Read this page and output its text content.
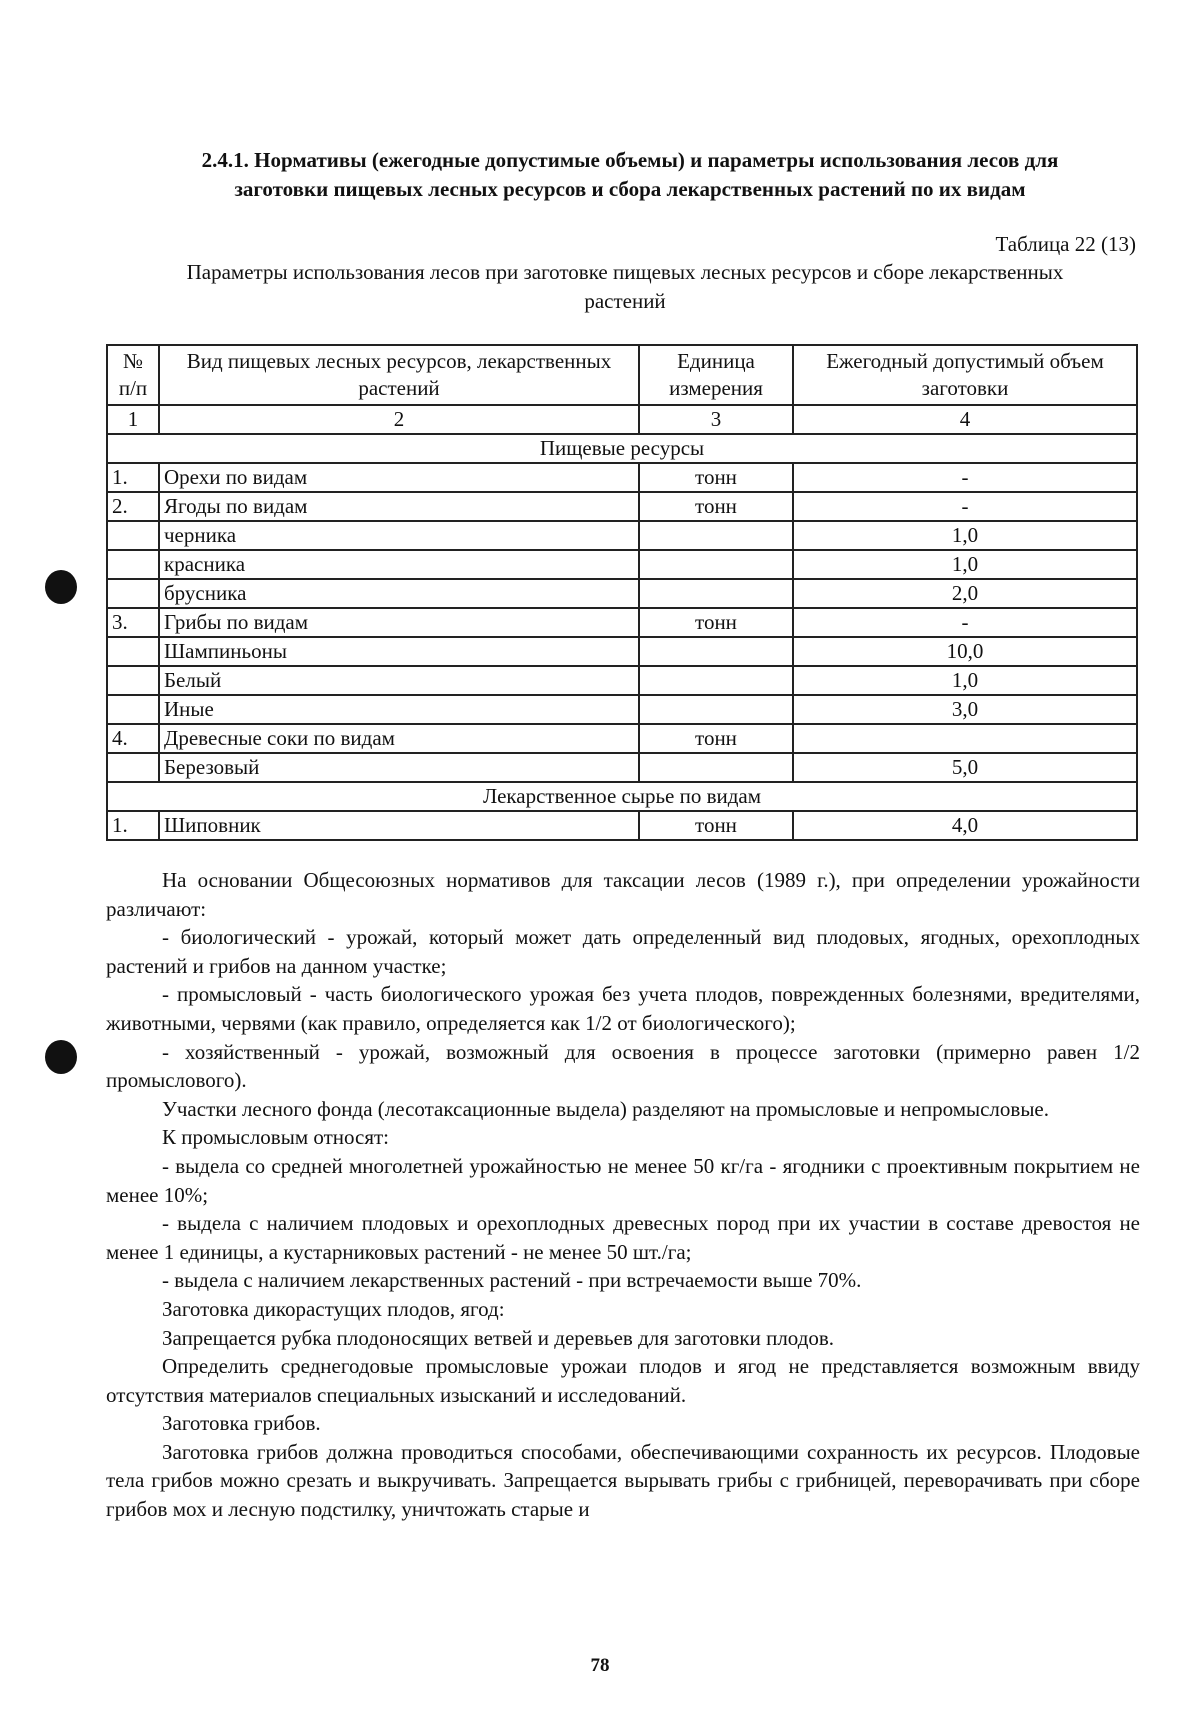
2.4.1. Нормативы (ежегодные допустимые объемы) и параметры использования лесов для
заготовки пищевых лесных ресурсов и сбора лекарственных растений по их видам
Таблица 22 (13)
Параметры использования лесов при заготовке пищевых лесных ресурсов и сборе лекарственных
растений
№ п/п	Вид пищевых лесных ресурсов, лекарственных растений	Единица измерения	Ежегодный допустимый объем заготовки
1	2	3	4
Пищевые ресурсы			
1.	Орехи по видам	тонн	-
2.	Ягоды по видам	тонн	-
	черника		1,0
	красника		1,0
	брусника		2,0
3.	Грибы по видам	тонн	-
	Шампиньоны		10,0
	Белый		1,0
	Иные		3,0
4.	Древесные соки по видам	тонн	
	Березовый		5,0
Лекарственное сырье по видам			
1.	Шиповник	тонн	4,0

На основании Общесоюзных нормативов для таксации лесов (1989 г.), при определении урожайности различают:

- биологический - урожай, который может дать определенный вид плодовых, ягодных, орехоплодных растений и грибов на данном участке;

- промысловый - часть биологического урожая без учета плодов, поврежденных болезнями, вредителями, животными, червями (как правило, определяется как 1/2 от биологического);

- хозяйственный - урожай, возможный для освоения в процессе заготовки (примерно равен 1/2 промыслового).

Участки лесного фонда (лесотаксационные выдела) разделяют на промысловые и непромысловые.

К промысловым относят:

- выдела со средней многолетней урожайностью не менее 50 кг/га - ягодники с проективным покрытием не менее 10%;

- выдела с наличием плодовых и орехоплодных древесных пород при их участии в составе древостоя не менее 1 единицы, а кустарниковых растений - не менее 50 шт./га;

- выдела с наличием лекарственных растений - при встречаемости выше 70%.

Заготовка дикорастущих плодов, ягод:

Запрещается рубка плодоносящих ветвей и деревьев для заготовки плодов.

Определить среднегодовые промысловые урожаи плодов и ягод не представляется возможным ввиду отсутствия материалов специальных изысканий и исследований.

Заготовка грибов.

Заготовка грибов должна проводиться способами, обеспечивающими сохранность их ресурсов. Плодовые тела грибов можно срезать и выкручивать. Запрещается вырывать грибы с грибницей, переворачивать при сборе грибов мох и лесную подстилку, уничтожать старые и

78
